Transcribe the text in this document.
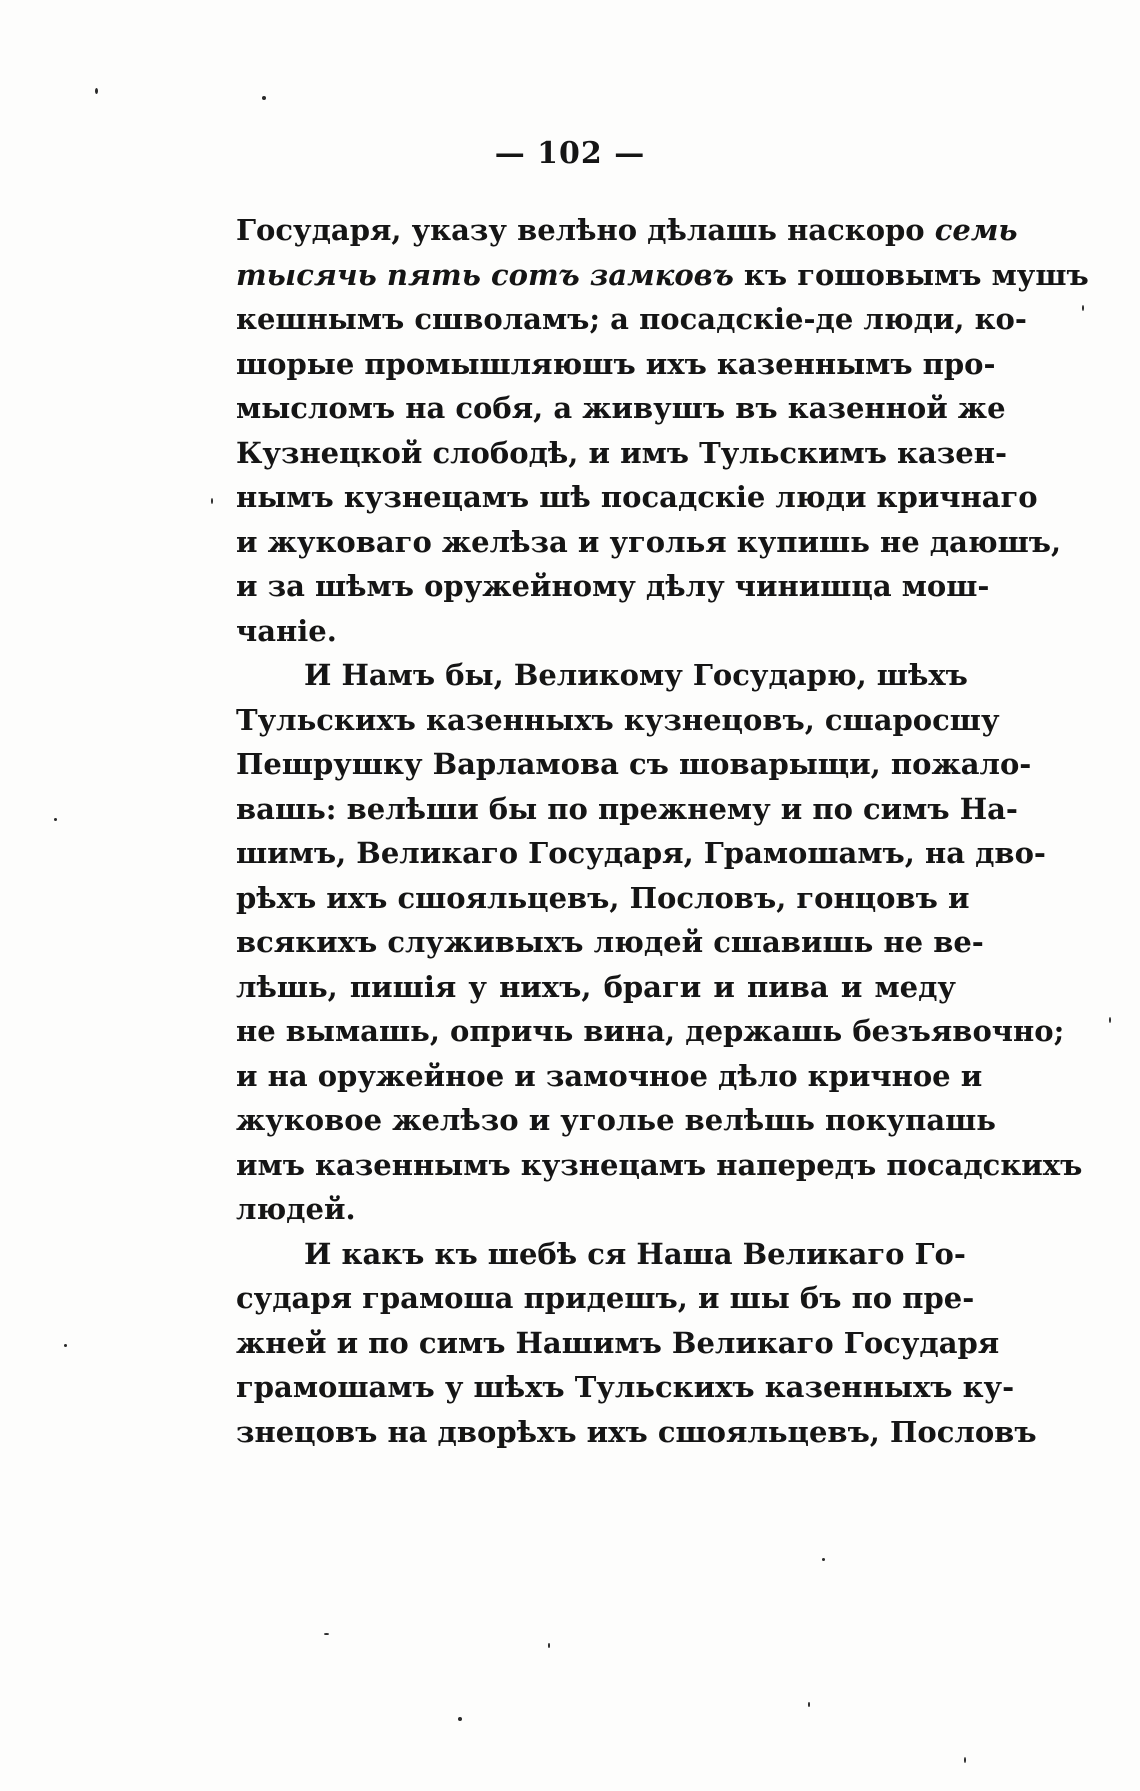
— 102 —
Государя, указу велѣно дѣлашь наскоро семь
тысячь пять сотъ замковъ къ гошовымъ мушъ
кешнымъ сшволамъ; а посадскіе-де люди, ко-
шорые промышляюшъ ихъ казеннымъ про-
мысломъ на собя, а живушъ въ казенной же
Кузнецкой слободѣ, и имъ Тульскимъ казен-
нымъ кузнецамъ шѣ посадскіе люди кричнаго
и жуковаго желѣза и уголья купишь не даюшъ,
и за шѣмъ оружейному дѣлу чинишца мош-
чаніе.
И Намъ бы, Великому Государю, шѣхъ
Тульскихъ казенныхъ кузнецовъ, сшаросшу
Пешрушку Варламова съ шоварыщи, пожало-
вашь: велѣши бы по прежнему и по симъ На-
шимъ, Великаго Государя, Грамошамъ, на дво-
рѣхъ ихъ сшояльцевъ, Пословъ, гонцовъ и
всякихъ служивыхъ людей сшавишь не ве-
лѣшь, пишія у нихъ, браги и пива и меду
не вымашь, опричь вина, держашь безъявочно;
и на оружейное и замочное дѣло кричное и
жуковое желѣзо и уголье велѣшь покупашь
имъ казеннымъ кузнецамъ напередъ посадскихъ
людей.
И какъ къ шебѣ ся Наша Великаго Го-
сударя грамоша придешъ, и шы бъ по пре-
жней и по симъ Нашимъ Великаго Государя
грамошамъ у шѣхъ Тульскихъ казенныхъ ку-
знецовъ на дворѣхъ ихъ сшояльцевъ, Пословъ
